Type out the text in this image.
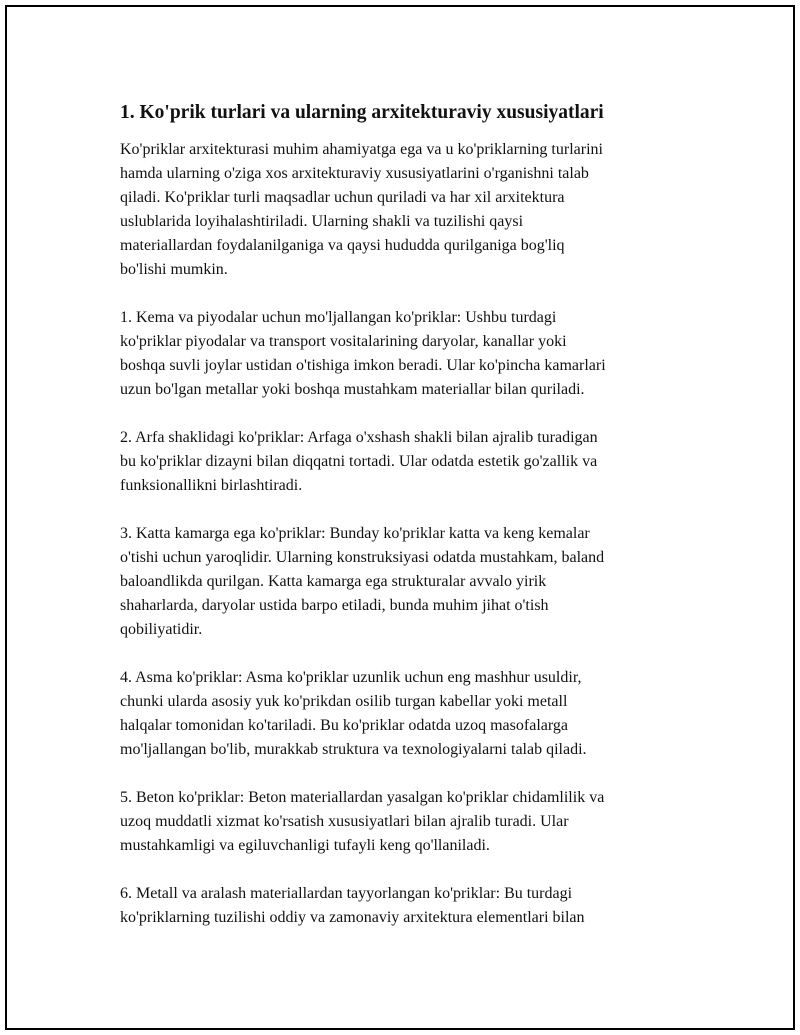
1. Ko'prik turlari va ularning arxitekturaviy xususiyatlari

Ko'priklar arxitekturasi muhim ahamiyatga ega va u ko'priklarning turlarini
hamda ularning o'ziga xos arxitekturaviy xususiyatlarini o'rganishni talab
qiladi. Ko'priklar turli maqsadlar uchun quriladi va har xil arxitektura
uslublarida loyihalashtiriladi. Ularning shakli va tuzilishi qaysi
materiallardan foydalanilganiga va qaysi hududda qurilganiga bog'liq
bo'lishi mumkin.

1. Kema va piyodalar uchun mo'ljallangan ko'priklar: Ushbu turdagi
ko'priklar piyodalar va transport vositalarining daryolar, kanallar yoki
boshqa suvli joylar ustidan o'tishiga imkon beradi. Ular ko'pincha kamarlari
uzun bo'lgan metallar yoki boshqa mustahkam materiallar bilan quriladi.

2. Arfa shaklidagi ko'priklar: Arfaga o'xshash shakli bilan ajralib turadigan
bu ko'priklar dizayni bilan diqqatni tortadi. Ular odatda estetik go'zallik va
funksionallikni birlashtiradi.

3. Katta kamarga ega ko'priklar: Bunday ko'priklar katta va keng kemalar
o'tishi uchun yaroqlidir. Ularning konstruksiyasi odatda mustahkam, baland
baloandlikda qurilgan. Katta kamarga ega strukturalar avvalo yirik
shaharlarda, daryolar ustida barpo etiladi, bunda muhim jihat o'tish
qobiliyatidir.

4. Asma ko'priklar: Asma ko'priklar uzunlik uchun eng mashhur usuldir,
chunki ularda asosiy yuk ko'prikdan osilib turgan kabellar yoki metall
halqalar tomonidan ko'tariladi. Bu ko'priklar odatda uzoq masofalarga
mo'ljallangan bo'lib, murakkab struktura va texnologiyalarni talab qiladi.

5. Beton ko'priklar: Beton materiallardan yasalgan ko'priklar chidamlilik va
uzoq muddatli xizmat ko'rsatish xususiyatlari bilan ajralib turadi. Ular
mustahkamligi va egiluvchanligi tufayli keng qo'llaniladi.

6. Metall va aralash materiallardan tayyorlangan ko'priklar: Bu turdagi
ko'priklarning tuzilishi oddiy va zamonaviy arxitektura elementlari bilan
